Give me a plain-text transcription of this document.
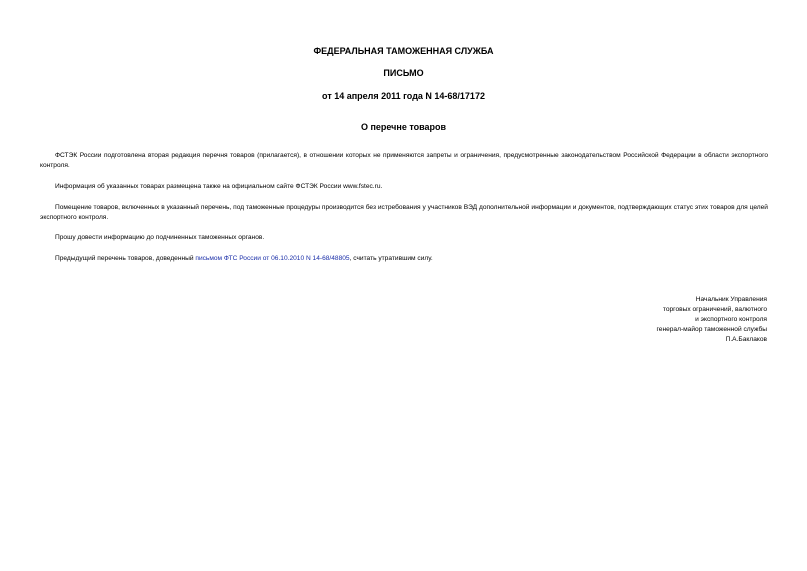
ФЕДЕРАЛЬНАЯ ТАМОЖЕННАЯ СЛУЖБА
ПИСЬМО
от 14 апреля 2011 года N 14-68/17172
О перечне товаров

ФСТЭК России подготовлена вторая редакция перечня товаров (прилагается), в отношении которых не применяются запреты и ограничения, предусмотренные законодательством Российской Федерации в области экспортного контроля.

Информация об указанных товарах размещена также на официальном сайте ФСТЭК России www.fstec.ru.

Помещение товаров, включенных в указанный перечень, под таможенные процедуры производится без истребования у участников ВЭД дополнительной информации и документов, подтверждающих статус этих товаров для целей экспортного контроля.

Прошу довести информацию до подчиненных таможенных органов.

Предыдущий перечень товаров, доведенный письмом ФТС России от 06.10.2010 N 14-68/48805, считать утратившим силу.

Начальник Управления
торговых ограничений, валютного
и экспортного контроля
генерал-майор таможенной службы
П.А.Баклаков
